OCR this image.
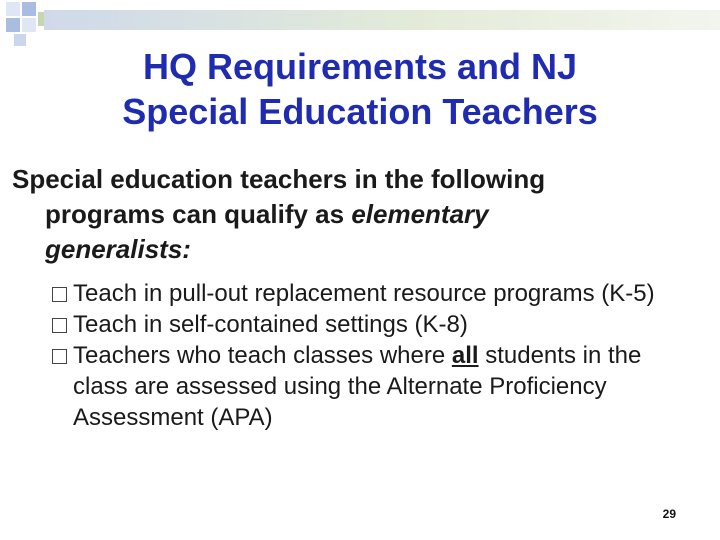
HQ Requirements and NJ
Special Education Teachers
Special education teachers in the following
programs can qualify as elementary
generalists:
Teach in pull-out replacement resource programs (K-5)
Teach in self-contained settings (K-8)
Teachers who teach classes where all students in the class are assessed using the Alternate Proficiency Assessment (APA)
29
